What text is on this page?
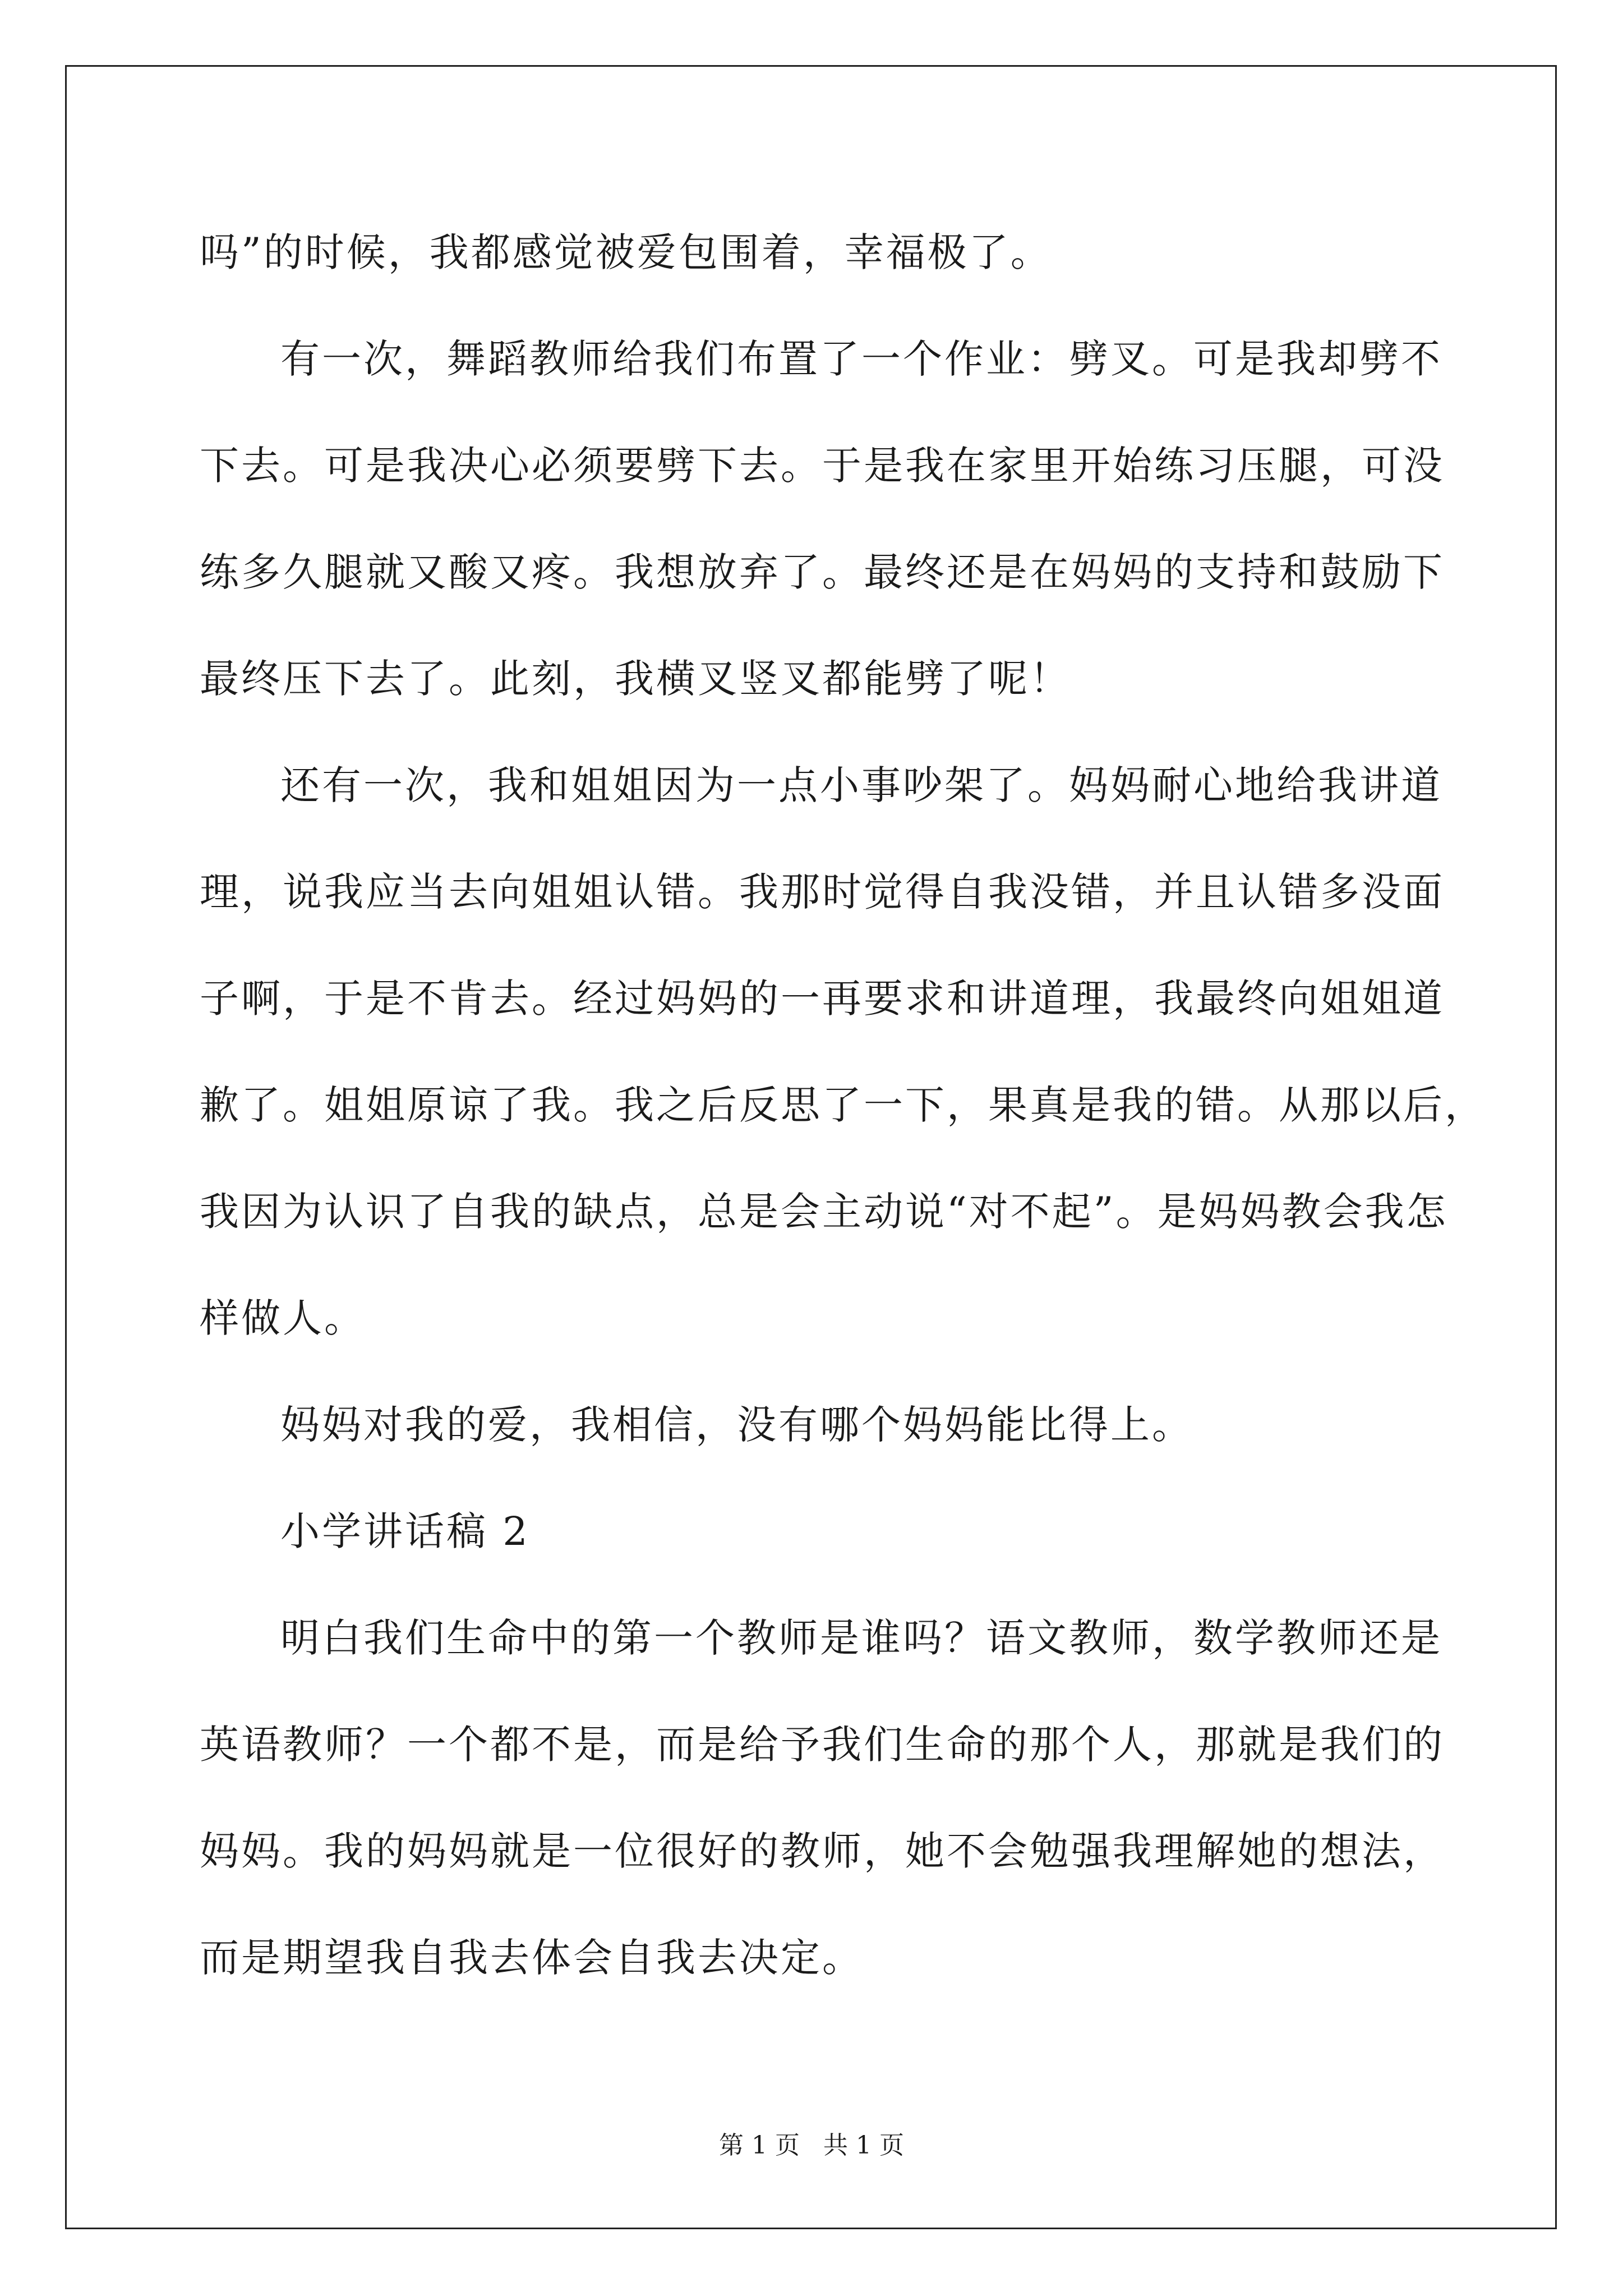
吗”的时候，我都感觉被爱包围着，幸福极了。
有一次，舞蹈教师给我们布置了一个作业：劈叉。可是我却劈不
下去。可是我决心必须要劈下去。于是我在家里开始练习压腿，可没
练多久腿就又酸又疼。我想放弃了。最终还是在妈妈的支持和鼓励下
最终压下去了。此刻，我横叉竖叉都能劈了呢！
还有一次，我和姐姐因为一点小事吵架了。妈妈耐心地给我讲道
理，说我应当去向姐姐认错。我那时觉得自我没错，并且认错多没面
子啊，于是不肯去。经过妈妈的一再要求和讲道理，我最终向姐姐道
歉了。姐姐原谅了我。我之后反思了一下，果真是我的错。从那以后，
我因为认识了自我的缺点，总是会主动说“对不起”。是妈妈教会我怎
样做人。
妈妈对我的爱，我相信，没有哪个妈妈能比得上。
小学讲话稿 2
明白我们生命中的第一个教师是谁吗？语文教师，数学教师还是
英语教师？一个都不是，而是给予我们生命的那个人，那就是我们的
妈妈。我的妈妈就是一位很好的教师，她不会勉强我理解她的想法，
而是期望我自我去体会自我去决定。
第 1 页 共 1 页
